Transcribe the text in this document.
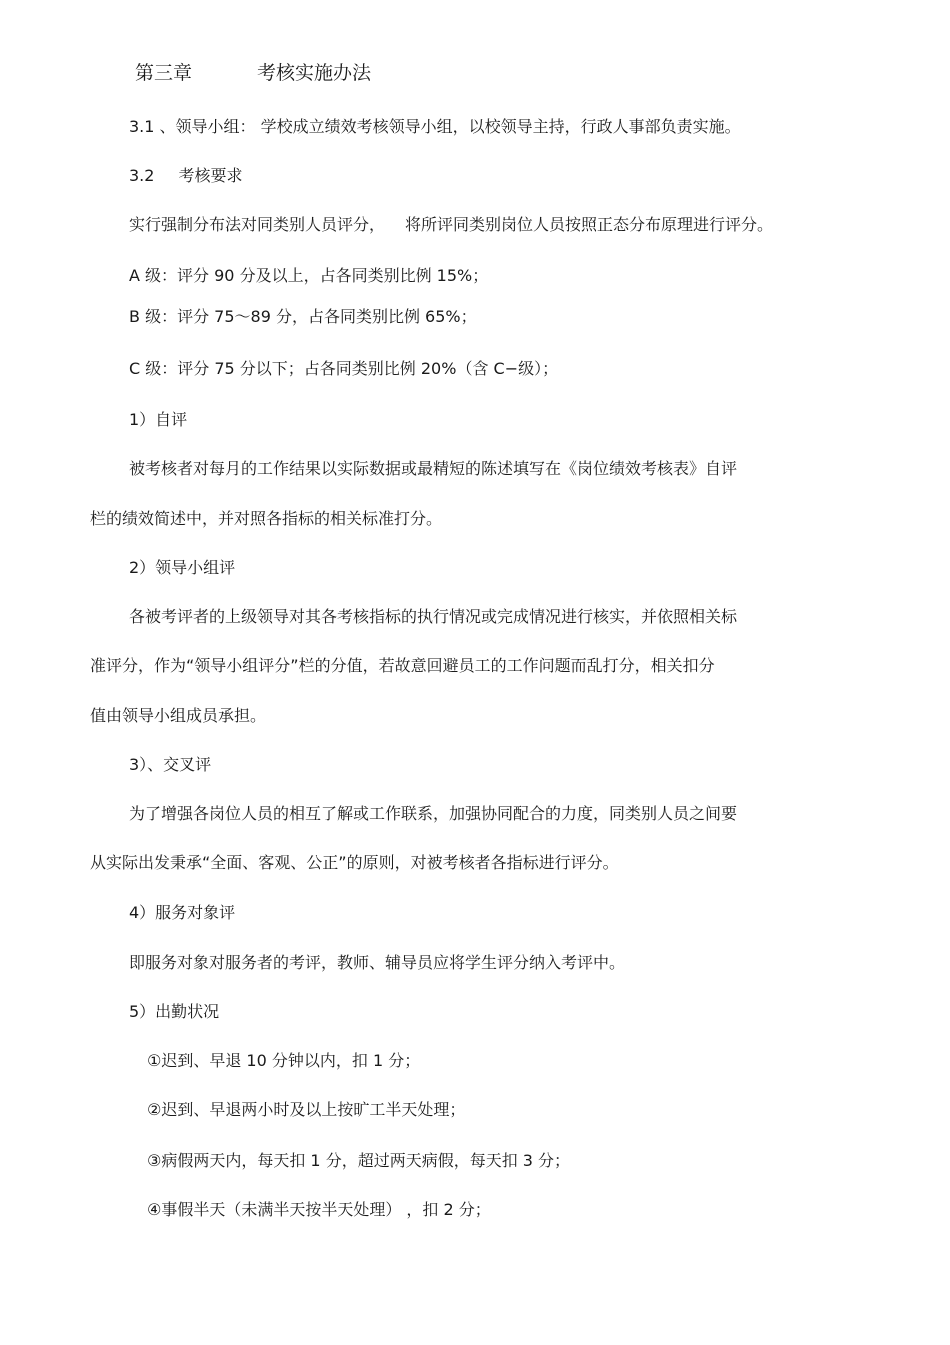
第三章	考核实施办法
3.1 、领导小组： 学校成立绩效考核领导小组，以校领导主持，行政人事部负责实施。
3.2 考核要求
实行强制分布法对同类别人员评分， 将所评同类别岗位人员按照正态分布原理进行评分。
A 级：评分 90 分及以上，占各同类别比例 15%；
B 级：评分 75～89 分，占各同类别比例 65%；
C 级：评分 75 分以下；占各同类别比例 20%（含 C−级）；
1）自评
被考核者对每月的工作结果以实际数据或最精短的陈述填写在《岗位绩效考核表》自评
栏的绩效简述中，并对照各指标的相关标准打分。
2）领导小组评
各被考评者的上级领导对其各考核指标的执行情况或完成情况进行核实，并依照相关标
准评分，作为“领导小组评分”栏的分值，若故意回避员工的工作问题而乱打分，相关扣分
值由领导小组成员承担。
3）、交叉评
为了增强各岗位人员的相互了解或工作联系，加强协同配合的力度，同类别人员之间要
从实际出发秉承“全面、客观、公正”的原则，对被考核者各指标进行评分。
4）服务对象评
即服务对象对服务者的考评，教师、辅导员应将学生评分纳入考评中。
5）出勤状况
①迟到、早退 10 分钟以内，扣 1 分；
②迟到、早退两小时及以上按旷工半天处理；
③病假两天内，每天扣 1 分，超过两天病假，每天扣 3 分；
④事假半天（未满半天按半天处理） ，扣 2 分；
